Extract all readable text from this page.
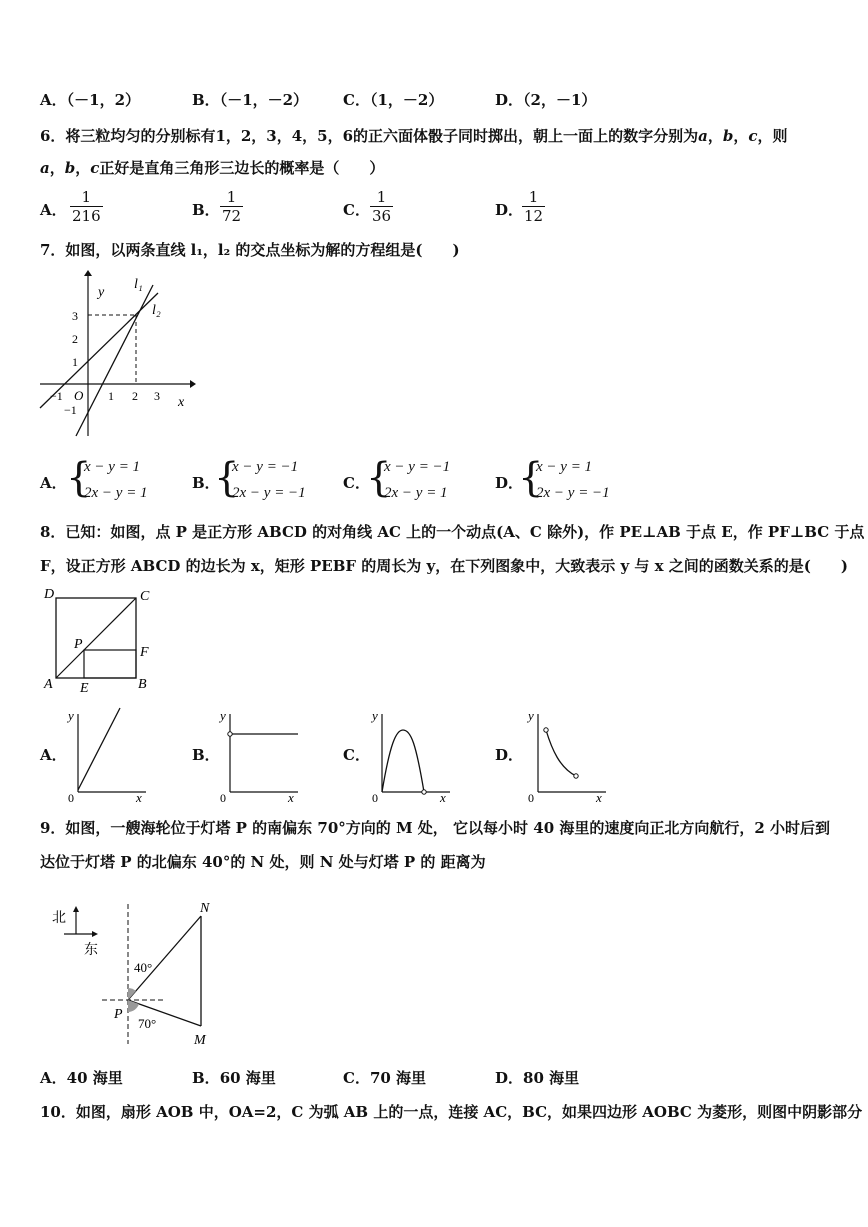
A．（－1，2）	B．（－1，－2） C．（1，－2）	D．（2，－1）
6．将三粒均匀的分别标有1，2，3，4，5，6的正六面体骰子同时掷出，朝上一面上的数字分别为a，b，c，则
a，b，c正好是直角三角形三边长的概率是（　　）
A． $\frac{1}{216}$	B． $\frac{1}{72}$	C． $\frac{1}{36}$	D．
$\frac{1}{12}$
7．如图，以两条直线 l₁，l₂ 的交点坐标为解的方程组是(　　)
y
x
l₁
l₂
3
2
1
O
−1	1 2 3
−1
A． {
x − y = 1
2x − y = 1
B．
{
x − y = −1
2x − y = −1
C．
{
x − y = −1
2x − y = 1
D．
{
x − y = 1
2x − y = −1
8．已知：如图，点 P 是正方形 ABCD 的对角线 AC 上的一个动点(A、C 除外)，作 PE⊥AB 于点 E，作 PF⊥BC 于点
F，设正方形 ABCD 的边长为 x，矩形 PEBF 的周长为 y，在下列图象中，大致表示 y 与 x 之间的函数关系的是(　　)
D	C
A	B
E
F
P
A．
y
x
0
B．
y
x
0
C．
y
x
0
D．
y
x
0
9．如图，一艘海轮位于灯塔 P 的南偏东 70°方向的 M 处， 它以每小时 40 海里的速度向正北方向航行，2 小时后到
达位于灯塔 P 的北偏东 40°的 N 处，则 N 处与灯塔 P 的 距离为
北
东
N
P
M
40°
70°
A．40 海里	B．60 海里	C．70 海里	D．80 海里
10．如图，扇形 AOB 中，OA=2，C 为弧 AB 上的一点，连接 AC，BC，如果四边形 AOBC 为菱形，则图中阴影部分
